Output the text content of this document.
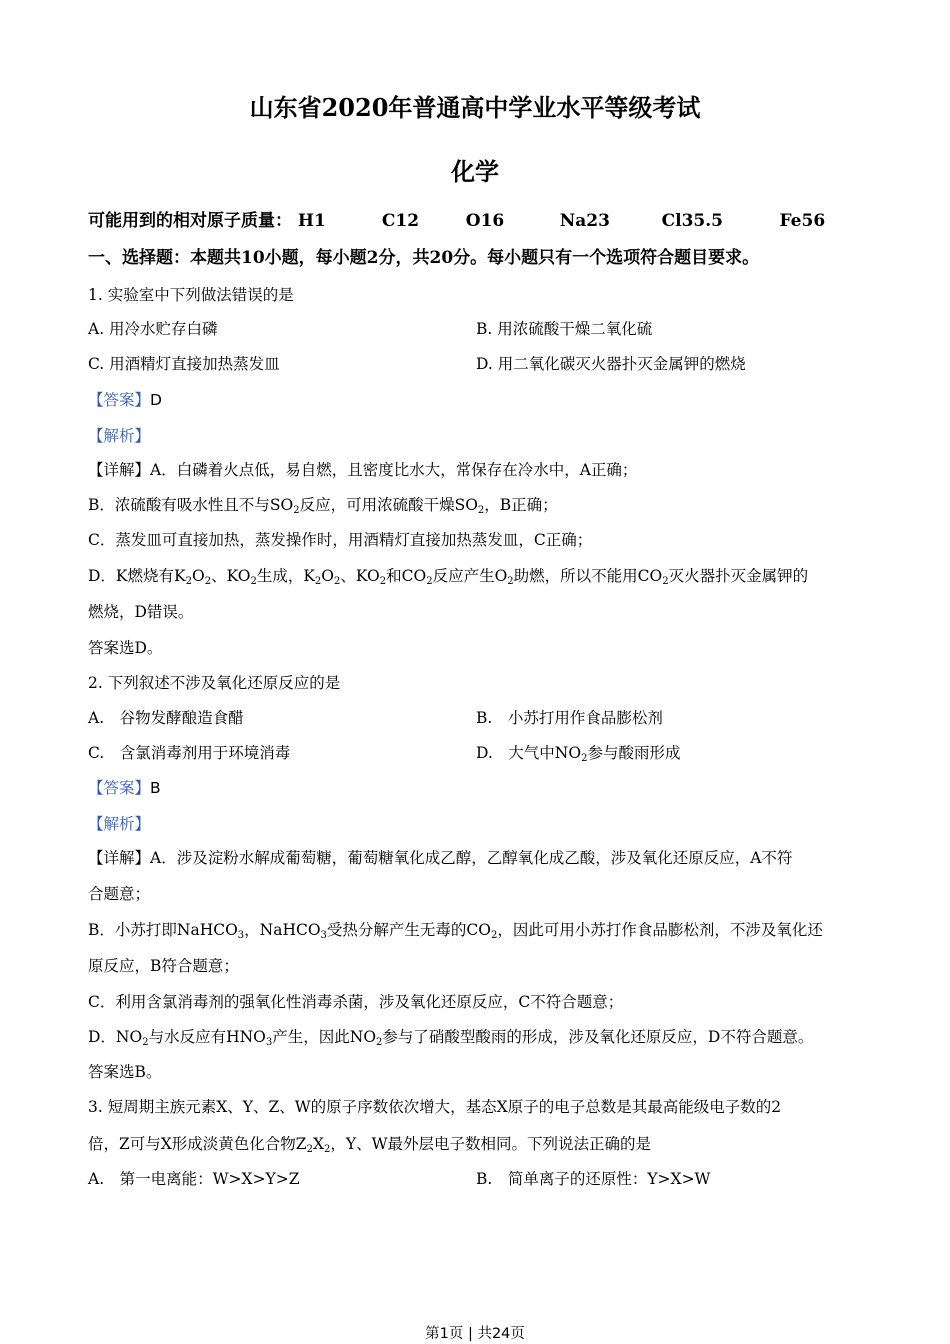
山东省2020年普通高中学业水平等级考试
化学
可能用到的相对原子质量： H1	C12	O16	Na23	Cl35.5	Fe56
一、选择题：本题共10小题，每小题2分，共20分。每小题只有一个选项符合题目要求。
1. 实验室中下列做法错误的是
A. 用冷水贮存白磷	B. 用浓硫酸干燥二氧化硫
C. 用酒精灯直接加热蒸发皿	D. 用二氧化碳灭火器扑灭金属钾的燃烧
【答案】D
【解析】
【详解】A．白磷着火点低，易自燃，且密度比水大，常保存在冷水中，A正确；
B．浓硫酸有吸水性且不与$SO_2$反应，可用浓硫酸干燥$SO_2$，B正确；
C．蒸发皿可直接加热，蒸发操作时，用酒精灯直接加热蒸发皿，C正确；
D．K燃烧有$K_2O_2$、$KO_2$生成，$K_2O_2$、$KO_2$和$CO_2$反应产生$O_2$助燃，所以不能用$CO_2$灭火器扑灭金属钾的
燃烧，D错误。
答案选D。
2. 下列叙述不涉及氧化还原反应的是
A.　谷物发酵酿造食醋	B.　小苏打用作食品膨松剂
C.　含氯消毒剂用于环境消毒	D.　大气中$NO_2$参与酸雨形成
【答案】B
【解析】
【详解】A．涉及淀粉水解成葡萄糖，葡萄糖氧化成乙醇，乙醇氧化成乙酸，涉及氧化还原反应，A不符
合题意；
B．小苏打即NaHCO$_3$，NaHCO$_3$受热分解产生无毒的$CO_2$，因此可用小苏打作食品膨松剂，不涉及氧化还
原反应，B符合题意；
C．利用含氯消毒剂的强氧化性消毒杀菌，涉及氧化还原反应，C不符合题意；
D．$NO_2$与水反应有$HNO_3$产生，因此$NO_2$参与了硝酸型酸雨的形成，涉及氧化还原反应，D不符合题意。
答案选B。
3. 短周期主族元素X、Y、Z、W的原子序数依次增大，基态X原子的电子总数是其最高能级电子数的2
倍，Z可与X形成淡黄色化合物$Z_2X_2$，Y、W最外层电子数相同。下列说法正确的是
A.　第一电离能：W>X>Y>Z	B.　简单离子的还原性：Y>X>W
第1页 | 共24页
